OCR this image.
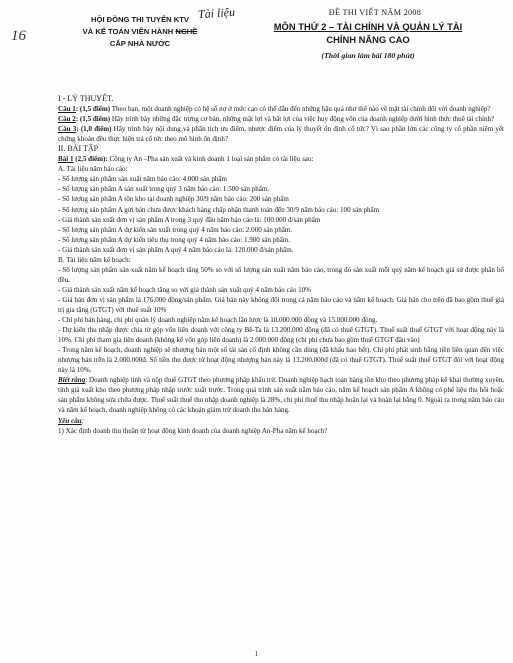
16
Tài liệu
HỘI ĐỒNG THI TUYỂN KTV
VÀ KẾ TOÁN VIÊN HÀNH NGHỀ
CẤP NHÀ NƯỚC
ĐỀ THI VIẾT NĂM 2008
MÔN THỨ 2 – TÀI CHÍNH VÀ QUẢN LÝ TÀI
CHÍNH NÂNG CAO
(Thời gian làm bài 180 phút)

I - LÝ THUYẾT.

Câu 1: (1,5 điểm) Theo bạn, một doanh nghiệp có hệ số nợ ở mức cao có thể dẫn đến những hậu quả như thế nào về mặt tài chính đối với doanh nghiệp?

Câu 2: (1,5 điểm) Hãy trình bày những đặc trưng cơ bản, những mặt lợi và bất lợi của việc huy động vốn của doanh nghiệp dưới hình thức thuê tài chính?

Câu 3: (1,0 điểm) Hãy trình bày nội dung và phân tích ưu điểm, nhược điểm của lý thuyết ổn định cổ tức? Vì sao phần lớn các công ty cổ phần niêm yết chứng khoán đều thực hiện trả cổ tức theo mô hình ổn định?

II. BÀI TẬP

Bài 1 (2,5 điểm): Công ty An –Pha sản xuất và kinh doanh 1 loại sản phẩm có tài liệu sau:

A. Tài liệu năm báo cáo:

- Số lượng sản phẩm sản xuất năm báo cáo: 4.000 sản phẩm

- Số lượng sản phẩm A sản xuất trong quý 3 năm báo cáo: 1.500 sản phẩm.

- Số lượng sản phẩm A tồn kho tại doanh nghiệp 30/9 năm báo cáo: 200 sản phẩm

- Số lượng sản phẩm A gửi bán chưa được khách hàng chấp nhận thanh toán đến 30/9 năm báo cáo: 100 sản phẩm

- Giá thành sản xuất đơn vị sản phẩm A trong 3 quý đầu năm báo cáo là: 100.000 đ/sản phẩm

- Số lượng sản phẩm A dự kiến sản xuất trong quý 4 năm báo cáo: 2.000 sản phẩm.

- Số lượng sản phẩm A dự kiến tiêu thụ trong quý 4 năm báo cáo: 1.900 sản phẩm.

- Giá thành sản xuất đơn vị sản phẩm A quý 4 năm báo cáo là: 120.000 đ/sản phẩm.

B. Tài liệu năm kế hoạch:

- Số lượng sản phẩm sản xuất năm kế hoạch tăng 50% so với số lượng sản xuất năm báo cáo, trong đó sản xuất mỗi quý năm kế hoạch giả sử được phân bổ đều.

- Giá thành sản xuất năm kế hoạch tăng so với giá thành sản xuất quý 4 năm báo cáo 10%

- Giá bán đơn vị sản phẩm là 176.000 đồng/sản phẩm. Giá bán này không đổi trong cả năm báo cáo và năm kế hoạch. Giá bán cho trên đã bao gồm thuế giá trị gia tăng (GTGT) với thuế suất 10%

- Chi phí bán hàng, chi phí quản lý doanh nghiệp năm kế hoạch lần lược là 10.000.000 đồng và 15.000.000 đồng.

- Dự kiến thu nhập được chia từ góp vốn liên doanh với công ty Bê-Ta là 13.200.000 đồng (đã có thuế GTGT). Thuế suất thuế GTGT với hoạt động này là 10%. Chi phí tham gia liên doanh (không kể vốn góp liên doanh) là 2.000.000 đồng (chi phí chưa bao gồm thuế GTGT đầu vào)

- Trong năm kế hoạch, doanh nghiệp sẽ nhượng bán một số tài sản cố định không cần dùng (đã khấu hao hết). Chi phí phát sinh bằng tiền liên quan đến việc nhượng bán trên là 2.000.000đ. Số tiền thu được từ hoạt động nhượng bán này là 13.200.000đ (đã có thuế GTGT). Thuế suất thuế GTGT đối với hoạt động này là 10%.

Biết rằng: Doanh nghiệp tính và nộp thuế GTGT theo phương pháp khấu trừ. Doanh nghiệp hạch toán hàng tồn kho theo phương pháp kê khai thường xuyên, tính giá xuất kho theo phương pháp nhập trước xuất trước. Trong quá trình sản xuất năm báo cáo, năm kế hoạch sản phẩm A không có phế liệu thu hồi hoặc sản phẩm không sửa chữa được. Thuế suất thuế thu nhập doanh nghiệp là 28%, chi phí thuế thu nhập hoãn lại và hoàn lại bằng 0. Ngoài ra trong năm báo cáo và năm kế hoạch, doanh nghiệp không có các khoản giảm trừ doanh thu bán hàng.

Yêu cầu:

1) Xác định doanh thu thuần từ hoạt động kinh doanh của doanh nghiệp An-Pha năm kế hoạch?

1
